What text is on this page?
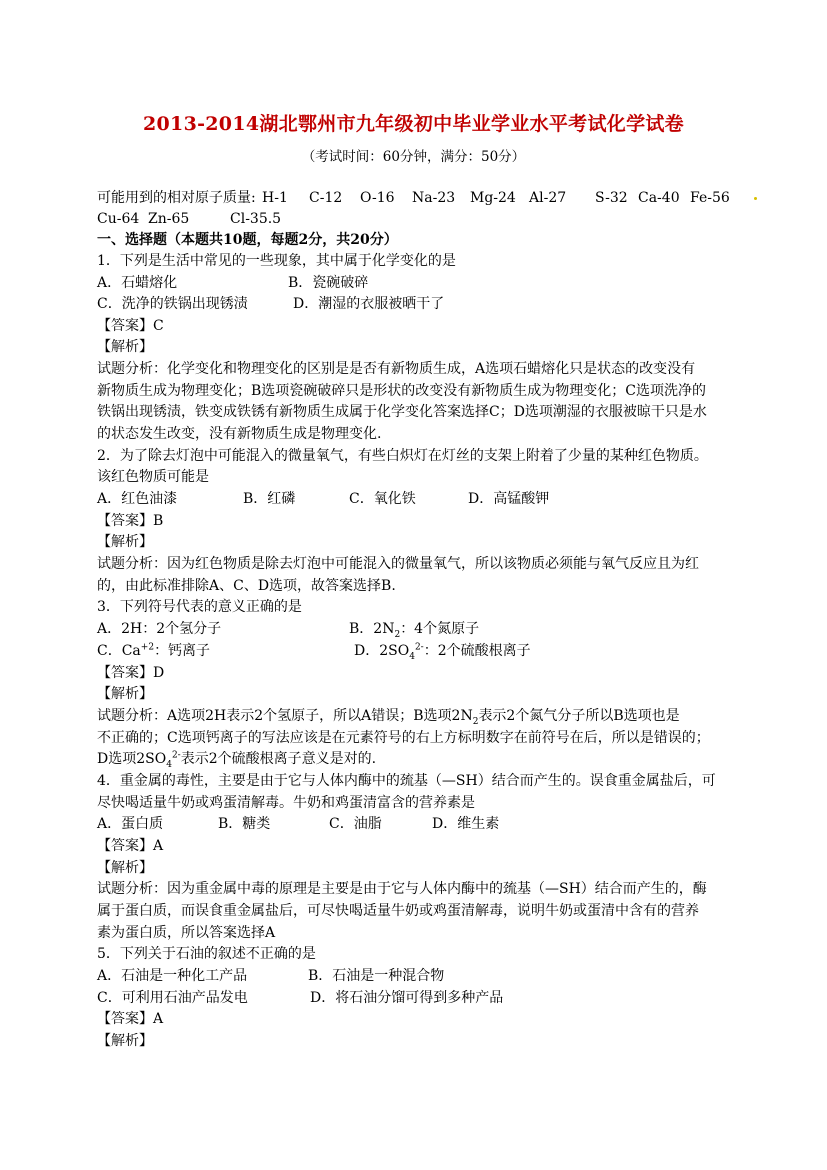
2013-2014湖北鄂州市九年级初中毕业学业水平考试化学试卷
（考试时间：60分钟，满分：50分）
可能用到的相对原子质量: H-1 C-12 O-16 Na-23 Mg-24 Al-27 S-32 Ca-40 Fe-56
Cu-64 Zn-65	Cl-35.5
一、选择题（本题共10题，每题2分，共20分）
1．下列是生活中常见的一些现象，其中属于化学变化的是
A．石蜡熔化	B．瓷碗破碎
C．洗净的铁锅出现锈渍	D．潮湿的衣服被晒干了
【答案】C
【解析】
试题分析：化学变化和物理变化的区别是是否有新物质生成，A选项石蜡熔化只是状态的改变没有
新物质生成为物理变化；B选项瓷碗破碎只是形状的改变没有新物质生成为物理变化；C选项洗净的
铁锅出现锈渍，铁变成铁锈有新物质生成属于化学变化答案选择C；D选项潮湿的衣服被晾干只是水
的状态发生改变，没有新物质生成是物理变化.
2．为了除去灯泡中可能混入的微量氧气，有些白炽灯在灯丝的支架上附着了少量的某种红色物质。
该红色物质可能是
A．红色油漆	B．红磷	C．氧化铁	D．高锰酸钾
【答案】B
【解析】
试题分析：因为红色物质是除去灯泡中可能混入的微量氧气，所以该物质必须能与氧气反应且为红
的，由此标准排除A、C、D选项，故答案选择B.
3．下列符号代表的意义正确的是
A．2H：2个氢分子	B．$2N_2$：4个氮原子
C．$Ca^{+2}$：钙离子	D．$2SO_4^{2-}$：2个硫酸根离子
【答案】D
【解析】
试题分析：A选项2H表示2个氢原子，所以A错误；B选项$2N_2$表示2个氮气分子所以B选项也是
不正确的；C选项钙离子的写法应该是在元素符号的右上方标明数字在前符号在后，所以是错误的；
D选项$2SO_4^{2-}$表示2个硫酸根离子意义是对的.
4．重金属的毒性，主要是由于它与人体内酶中的巯基（—SH）结合而产生的。误食重金属盐后，可
尽快喝适量牛奶或鸡蛋清解毒。牛奶和鸡蛋清富含的营养素是
A．蛋白质	B．糖类	C．油脂	D．维生素
【答案】A
【解析】
试题分析：因为重金属中毒的原理是主要是由于它与人体内酶中的巯基（—SH）结合而产生的，酶
属于蛋白质，而误食重金属盐后，可尽快喝适量牛奶或鸡蛋清解毒，说明牛奶或蛋清中含有的营养
素为蛋白质，所以答案选择A
5．下列关于石油的叙述不正确的是
A．石油是一种化工产品	B．石油是一种混合物
C．可利用石油产品发电	D．将石油分馏可得到多种产品
【答案】A
【解析】
